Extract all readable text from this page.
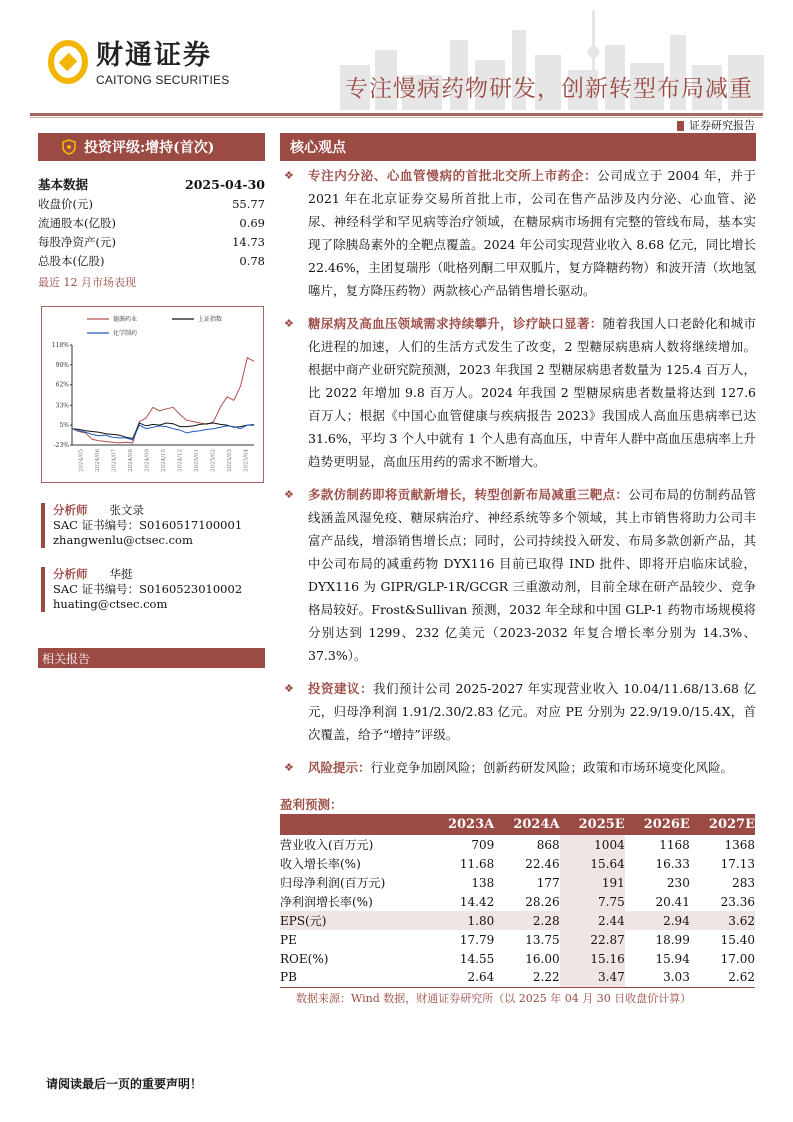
财通证券
CAITONG SECURITIES	专注慢病药物研发，创新转型布局减重
证券研究报告
投资评级:增持(首次)
基本数据	2025-04-30
收盘价(元)	55.77
流通股本(亿股)	0.69
每股净资产(元)	14.73
总股本(亿股)	0.78
最近 12 月市场表现
118%
90%
62%
33%
5%
-23%
2024/05 2024/06 2024/07 2024/08 2024/09 2024/10 2024/12 2025/01 2025/02 2025/03 2025/04
德源药业	上证指数
化学制药
分析师 张文录
SAC 证书编号：S0160517100001
zhangwenlu@ctsec.com
分析师 华挺
SAC 证书编号：S0160523010002
huating@ctsec.com
相关报告
核心观点
❖ 专注内分泌、心血管慢病的首批北交所上市药企：公司成立于 2004 年，并于 2021 年在北京证券交易所首批上市，公司在售产品涉及内分泌、心血管、泌尿、神经科学和罕见病等治疗领域，在糖尿病市场拥有完整的管线布局，基本实现了除胰岛素外的全靶点覆盖。2024 年公司实现营业收入 8.68 亿元，同比增长 22.46%，主团复瑞彤（吡格列酮二甲双胍片，复方降糖药物）和波开清（坎地氢噻片，复方降压药物）两款核心产品销售增长驱动。
❖ 糖尿病及高血压领域需求持续攀升，诊疗缺口显著：随着我国人口老龄化和城市化进程的加速，人们的生活方式发生了改变，2 型糖尿病患病人数将继续增加。根据中商产业研究院预测，2023 年我国 2 型糖尿病患者数量为 125.4 百万人，比 2022 年增加 9.8 百万人。2024 年我国 2 型糖尿病患者数量将达到 127.6 百万人；根据《中国心血管健康与疾病报告 2023》我国成人高血压患病率已达 31.6%，平均 3 个人中就有 1 个人患有高血压，中青年人群中高血压患病率上升趋势更明显，高血压用药的需求不断增大。
❖ 多款仿制药即将贡献新增长，转型创新布局减重三靶点：公司布局的仿制药品管线涵盖风湿免疫、糖尿病治疗、神经系统等多个领域，其上市销售将助力公司丰富产品线，增添销售增长点；同时，公司持续投入研发、布局多款创新产品，其中公司布局的减重药物 DYX116 目前已取得 IND 批件、即将开启临床试验，DYX116 为 GIPR/GLP-1R/GCGR 三重激动剂，目前全球在研产品较少、竞争格局较好。Frost&Sullivan 预测，2032 年全球和中国 GLP-1 药物市场规模将分别达到 1299、232 亿美元（2023-2032 年复合增长率分别为 14.3%、37.3%）。
❖ 投资建议：我们预计公司 2025-2027 年实现营业收入 10.04/11.68/13.68 亿元，归母净利润 1.91/2.30/2.83 亿元。对应 PE 分别为 22.9/19.0/15.4X，首次覆盖，给予“增持”评级。
❖ 风险提示：行业竞争加剧风险；创新药研发风险；政策和市场环境变化风险。
盈利预测：
	2023A	2024A	2025E	2026E	2027E
营业收入(百万元)	709	868	1004	1168	1368
收入增长率(%)	11.68	22.46	15.64	16.33	17.13
归母净利润(百万元)	138	177	191	230	283
净利润增长率(%)	14.42	28.26	7.75	20.41	23.36
EPS(元)	1.80	2.28	2.44	2.94	3.62
PE	17.79	13.75	22.87	18.99	15.40
ROE(%)	14.55	16.00	15.16	15.94	17.00
PB	2.64	2.22	3.47	3.03	2.62
数据来源：Wind 数据，财通证券研究所（以 2025 年 04 月 30 日收盘价计算）
请阅读最后一页的重要声明！
